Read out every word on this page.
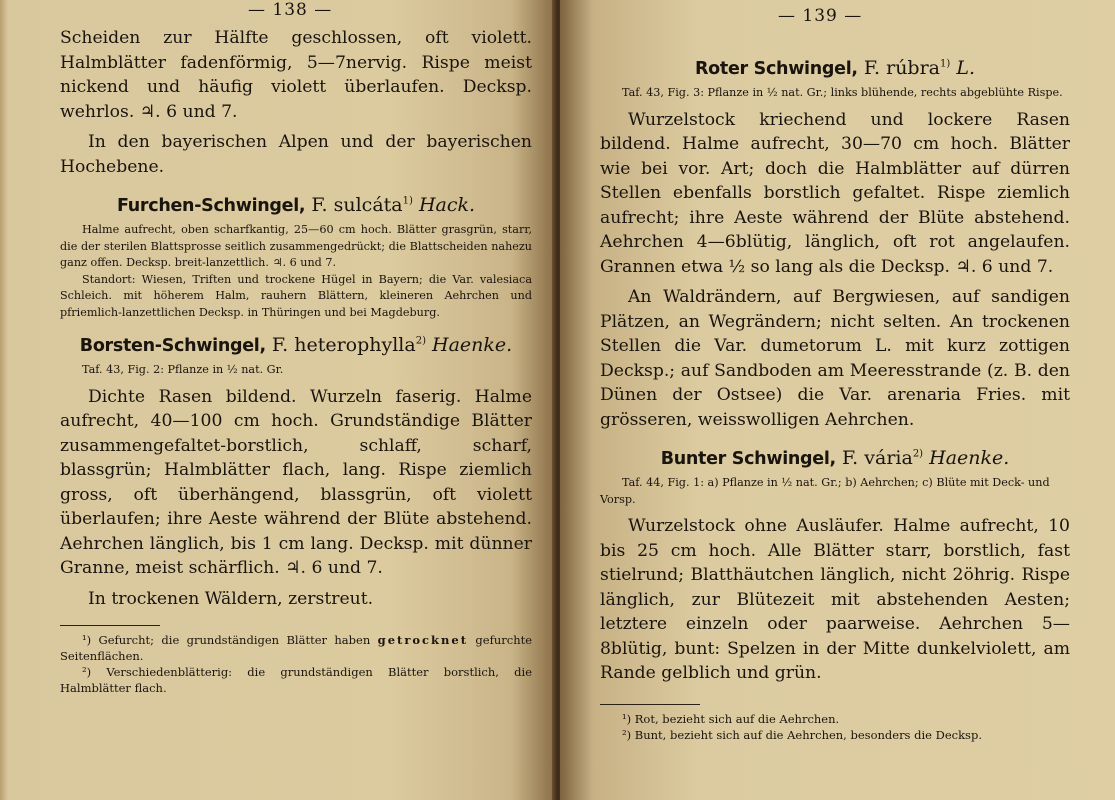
— 138 —

Scheiden zur Hälfte geschlossen, oft violett. Halmblätter fadenförmig, 5—7nervig. Rispe meist nickend und häufig violett überlaufen. Decksp. wehrlos. ♃. 6 und 7.

In den bayerischen Alpen und der bayerischen Hochebene.

Furchen-Schwingel, F. sulcáta$^{1)}$ Hack.

Halme aufrecht, oben scharfkantig, 25—60 cm hoch. Blätter grasgrün, starr, die der sterilen Blattsprosse seitlich zusammengedrückt; die Blattscheiden nahezu ganz offen. Decksp. breit-lanzettlich. ♃. 6 und 7.

Standort: Wiesen, Triften und trockene Hügel in Bayern; die Var. valesiaca Schleich. mit höherem Halm, rauhern Blättern, kleineren Aehrchen und pfriemlich-lanzettlichen Decksp. in Thüringen und bei Magdeburg.

Borsten-Schwingel, F. heterophylla$^{2)}$ Haenke.

Taf. 43, Fig. 2: Pflanze in ½ nat. Gr.

Dichte Rasen bildend. Wurzeln faserig. Halme aufrecht, 40—100 cm hoch. Grundständige Blätter zusammengefaltet-borstlich, schlaff, scharf, blassgrün; Halmblätter flach, lang. Rispe ziemlich gross, oft überhängend, blassgrün, oft violett überlaufen; ihre Aeste während der Blüte abstehend. Aehrchen länglich, bis 1 cm lang. Decksp. mit dünner Granne, meist schärflich. ♃. 6 und 7.

In trockenen Wäldern, zerstreut.

¹) Gefurcht; die grundständigen Blätter haben getrocknet gefurchte Seitenflächen.

²) Verschiedenblätterig: die grundständigen Blätter borstlich, die Halmblätter flach.

— 139 —
Roter Schwingel, F. rúbra$^{1)}$ L.

Taf. 43, Fig. 3: Pflanze in ½ nat. Gr.; links blühende, rechts abgeblühte Rispe.

Wurzelstock kriechend und lockere Rasen bildend. Halme aufrecht, 30—70 cm hoch. Blätter wie bei vor. Art; doch die Halmblätter auf dürren Stellen ebenfalls borstlich gefaltet. Rispe ziemlich aufrecht; ihre Aeste während der Blüte abstehend. Aehrchen 4—6blütig, länglich, oft rot angelaufen. Grannen etwa ½ so lang als die Decksp. ♃. 6 und 7.

An Waldrändern, auf Bergwiesen, auf sandigen Plätzen, an Wegrändern; nicht selten. An trockenen Stellen die Var. dumetorum L. mit kurz zottigen Decksp.; auf Sandboden am Meeresstrande (z. B. den Dünen der Ostsee) die Var. arenaria Fries. mit grösseren, weisswolligen Aehrchen.

Bunter Schwingel, F. vária$^{2)}$ Haenke.

Taf. 44, Fig. 1: a) Pflanze in ½ nat. Gr.; b) Aehrchen; c) Blüte mit Deck- und Vorsp.

Wurzelstock ohne Ausläufer. Halme aufrecht, 10 bis 25 cm hoch. Alle Blätter starr, borstlich, fast stielrund; Blatthäutchen länglich, nicht 2öhrig. Rispe länglich, zur Blütezeit mit abstehenden Aesten; letztere einzeln oder paarweise. Aehrchen 5—8blütig, bunt: Spelzen in der Mitte dunkelviolett, am Rande gelblich und grün.

¹) Rot, bezieht sich auf die Aehrchen.

²) Bunt, bezieht sich auf die Aehrchen, besonders die Decksp.
